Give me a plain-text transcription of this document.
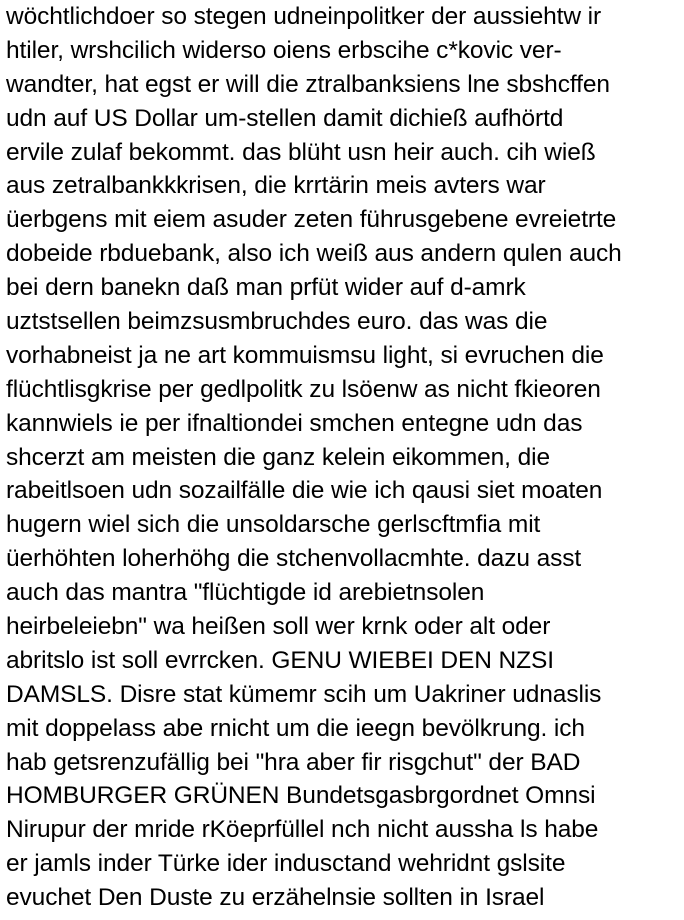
wöchtlichdoer so stegen udneinpolitker der aussiehtw ir
htiler, wrshcilich widerso oiens erbscihe c*kovic ver-
wandter, hat egst er will die ztralbanksiens lne sbshcffen
udn auf US Dollar um-stellen damit dichieß aufhörtd
ervile zulaf bekommt. das blüht usn heir auch. cih wieß
aus zetralbankkkrisen, die krrtärin meis avters war
üerbgens mit eiem asuder zeten führusgebene evreietrte
dobeide rbduebank, also ich weiß aus andern qulen auch
bei dern banekn daß man prfüt wider auf d-amrk
uztstsellen beimzsusmbruchdes euro. das was die
vorhabneist ja ne art kommuismsu light, si evruchen die
flüchtlisgkrise per gedlpolitk zu lsöenw as nicht fkieoren
kannwiels ie per ifnaltiondei smchen entegne udn das
shcerzt am meisten die ganz kelein eikommen, die
rabeitlsoen udn sozailfälle die wie ich qausi siet moaten
hugern wiel sich die unsoldarsche gerlscftmfia mit
üerhöhten loherhöhg die stchenvollacmhte. dazu asst
auch das mantra "flüchtigde id arebietnsolen
heirbeleiebn" wa heißen soll wer krnk oder alt oder
abritslo ist soll evrrcken. GENU WIEBEI DEN NZSI
DAMSLS. Disre stat kümemr scih um Uakriner udnaslis
mit doppelass abe rnicht um die ieegn bevölkrung. ich
hab getsrenzufällig bei "hra aber fir risgchut" der BAD
HOMBURGER GRÜNEN Bundetsgasbrgordnet Omnsi
Nirupur der mride rKöeprfüllel nch nicht aussha ls habe
er jamls inder Türke ider indusctand wehridnt gslsite
evuchet Den Duste zu erzähelnsie sollten in Israel
